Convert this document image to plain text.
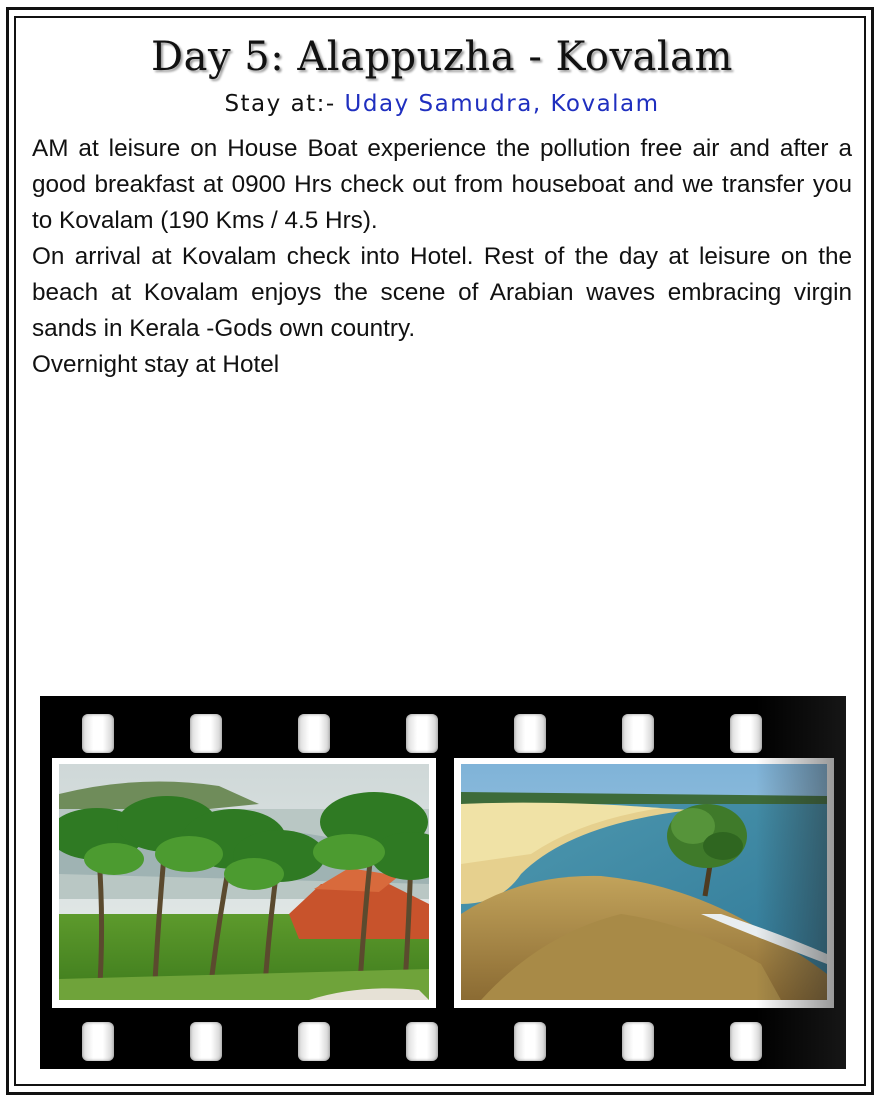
Day 5: Alappuzha - Kovalam
Stay at:- Uday Samudra, Kovalam

AM at leisure on House Boat experience the pollution free air and after a good breakfast at 0900 Hrs check out from houseboat and we transfer you to Kovalam (190 Kms / 4.5 Hrs).

On arrival at Kovalam check into Hotel. Rest of the day at leisure on the beach at Kovalam enjoys the scene of Arabian waves embracing virgin sands in Kerala -Gods own country.

Overnight stay at Hotel
